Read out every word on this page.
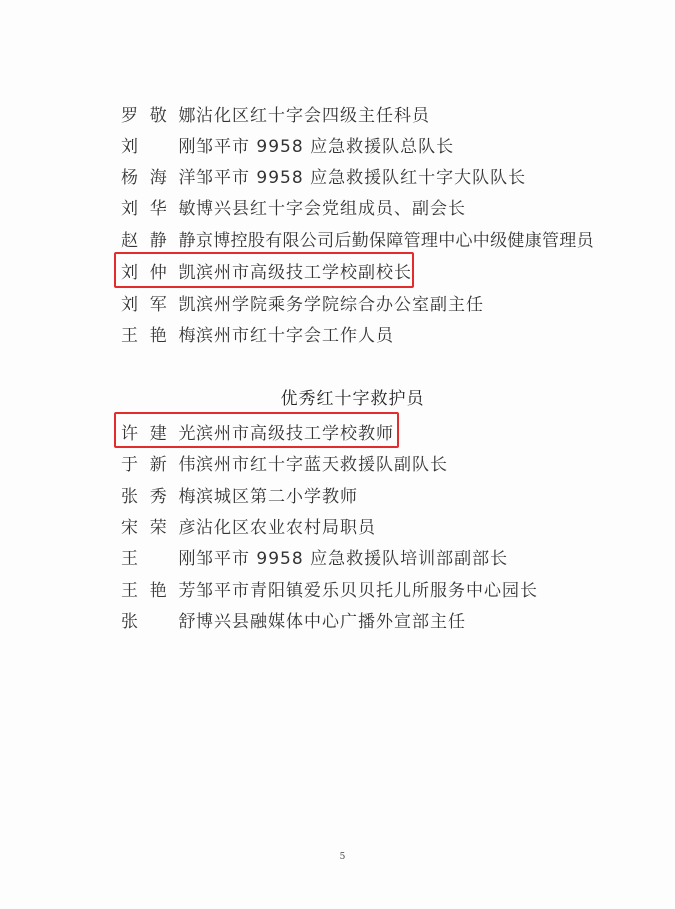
罗敬娜 沾化区红十字会四级主任科员
刘　刚 邹平市 9958 应急救援队总队长
杨海洋 邹平市 9958 应急救援队红十字大队队长
刘华敏 博兴县红十字会党组成员、副会长
赵静静 京博控股有限公司后勤保障管理中心中级健康管理员
刘仲凯 滨州市高级技工学校副校长
刘军凯 滨州学院乘务学院综合办公室副主任
王艳梅 滨州市红十字会工作人员
优秀红十字救护员
许建光 滨州市高级技工学校教师
于新伟 滨州市红十字蓝天救援队副队长
张秀梅 滨城区第二小学教师
宋荣彦 沾化区农业农村局职员
王　刚 邹平市 9958 应急救援队培训部副部长
王艳芳 邹平市青阳镇爱乐贝贝托儿所服务中心园长
张　舒 博兴县融媒体中心广播外宣部主任
5
